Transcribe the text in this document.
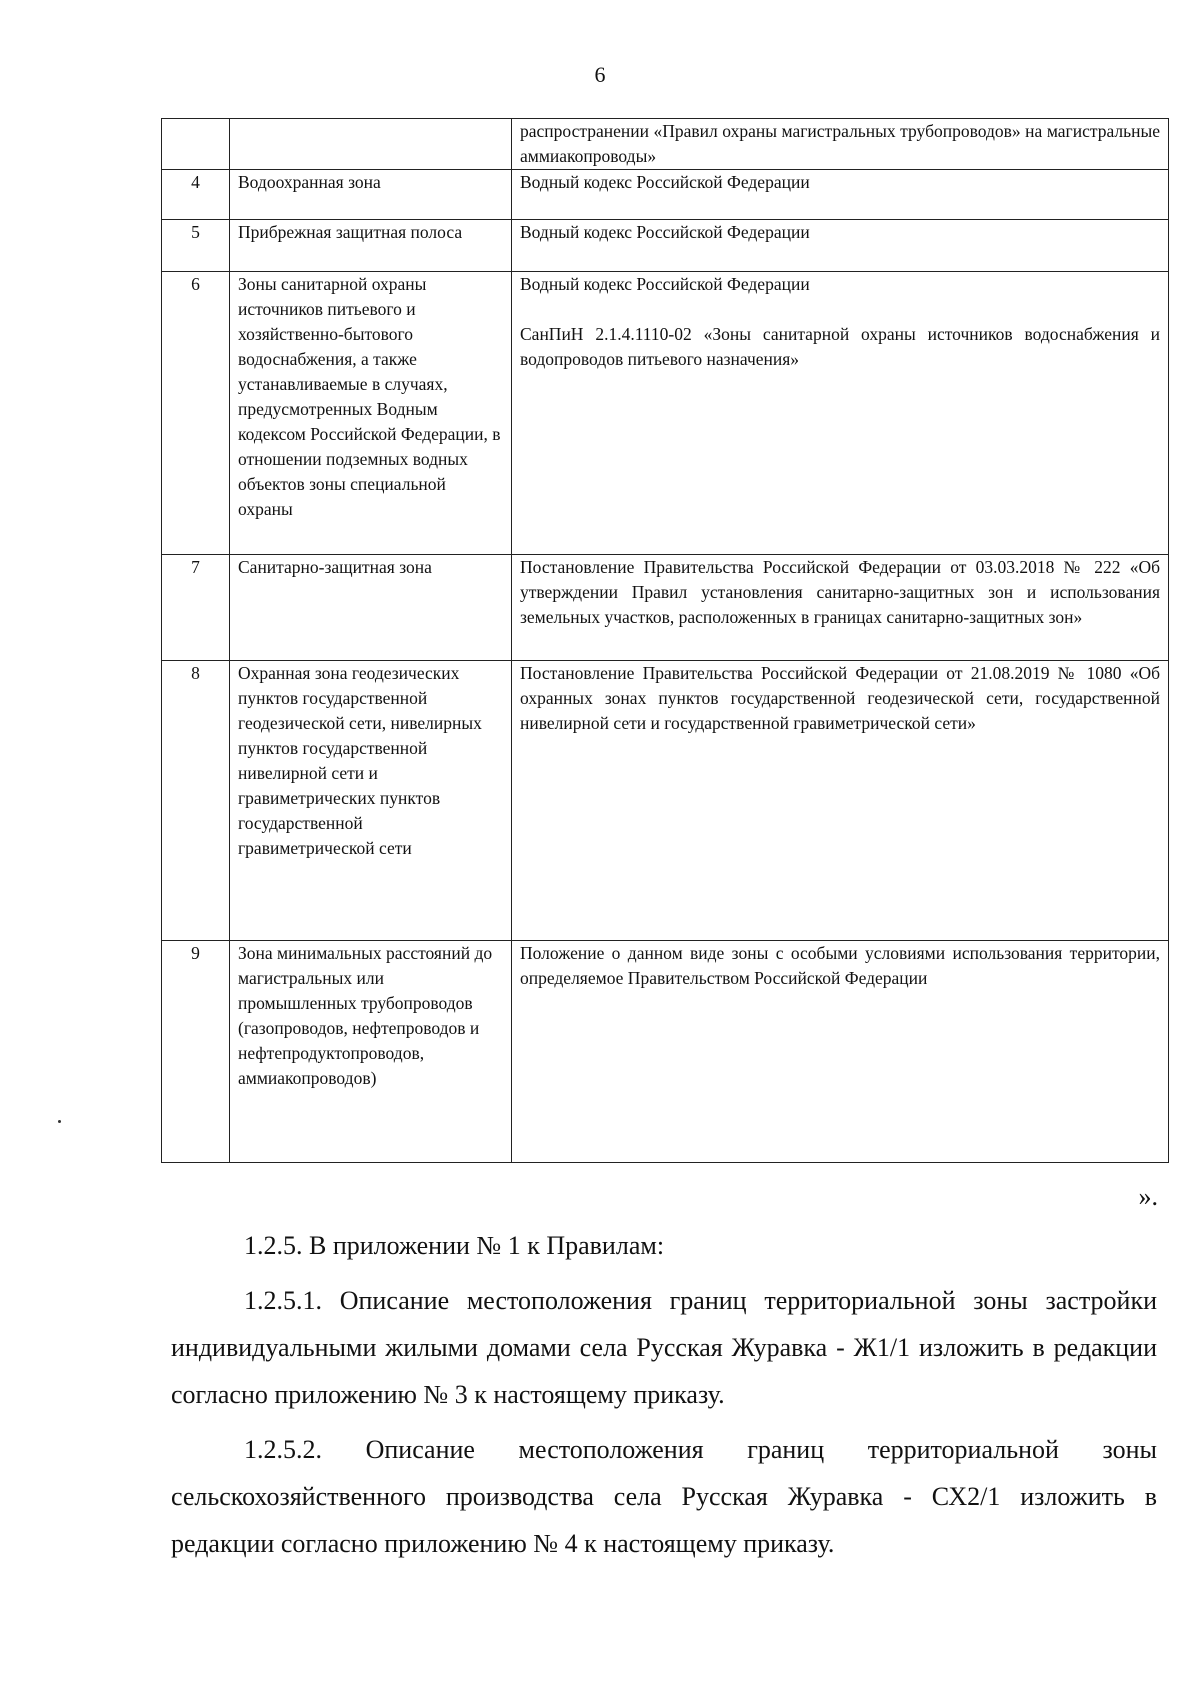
6

		распространении «Правил охраны магистральных трубопроводов» на магистральные аммиакопроводы»

4	Водоохранная зона	Водный кодекс Российской Федерации

5	Прибрежная защитная полоса	Водный кодекс Российской Федерации

6	Зоны санитарной охраны источников питьевого и хозяйственно-бытового водоснабжения, а также устанавливаемые в случаях, предусмотренных Водным кодексом Российской Федерации, в отношении подземных водных объектов зоны специальной охраны	Водный кодекс Российской Федерации

СанПиН 2.1.4.1110-02 «Зоны санитарной охраны источников водоснабжения и водопроводов питьевого назначения»

7	Санитарно-защитная зона	Постановление Правительства Российской Федерации от 03.03.2018 № 222 «Об утверждении Правил установления санитарно-защитных зон и использования земельных участков, расположенных в границах санитарно-защитных зон»

8	Охранная зона геодезических пунктов государственной геодезической сети, нивелирных пунктов государственной нивелирной сети и гравиметрических пунктов государственной гравиметрической сети	Постановление Правительства Российской Федерации от 21.08.2019 № 1080 «Об охранных зонах пунктов государственной геодезической сети, государственной нивелирной сети и государственной гравиметрической сети»

9	Зона минимальных расстояний до магистральных или промышленных трубопроводов (газопроводов, нефтепроводов и нефтепродуктопроводов, аммиакопроводов)	Положение о данном виде зоны с особыми условиями использования территории, определяемое Правительством Российской Федерации

».

1.2.5. В приложении № 1 к Правилам:

1.2.5.1. Описание местоположения границ территориальной зоны застройки индивидуальными жилыми домами села Русская Журавка - Ж1/1 изложить в редакции согласно приложению № 3 к настоящему приказу.

1.2.5.2. Описание местоположения границ территориальной зоны сельскохозяйственного производства села Русская Журавка - СХ2/1 изложить в редакции согласно приложению № 4 к настоящему приказу.
